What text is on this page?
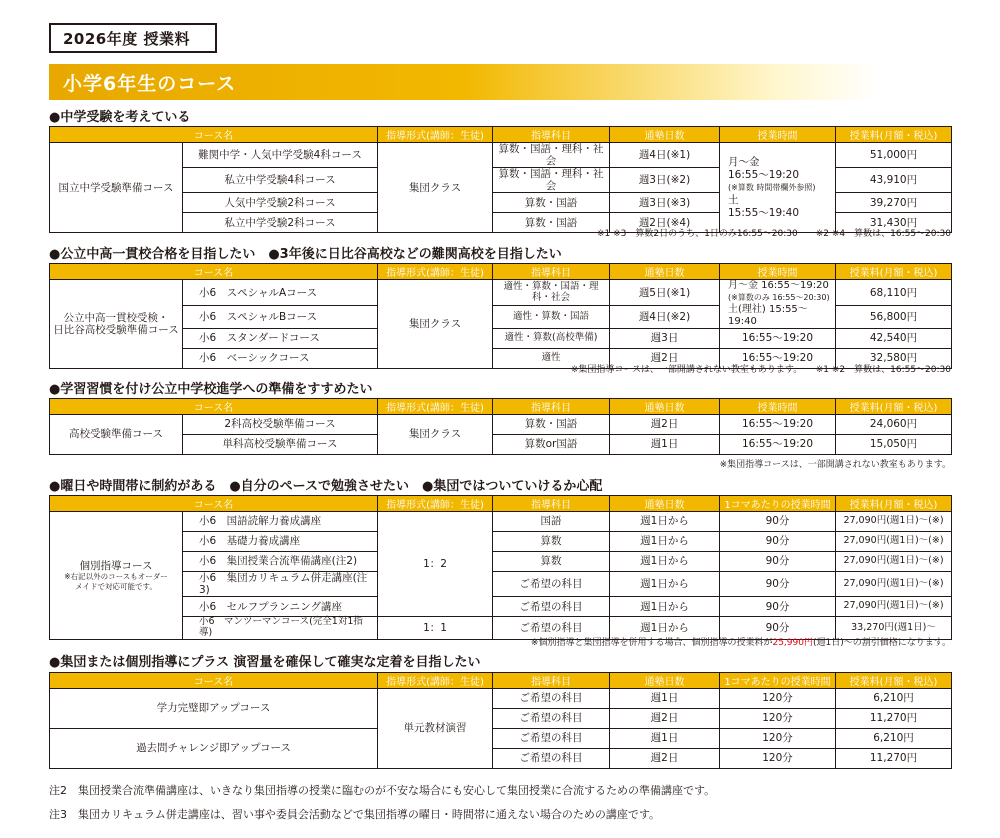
2026年度 授業料
小学6年生のコース
●中学受験を考えている
コース名		指導形式(講師：生徒)	指導科目	通塾日数	授業時間	授業料(月額・税込)
国立中学受験準備コース	難関中学・人気中学受験4科コース	集団クラス	算数・国語・理科・社会	週4日(※1)	月〜金
16:55〜19:20
(※算数 時間帯欄外参照)
土
15:55〜19:40	51,000円
	私立中学受験4科コース		算数・国語・理科・社会	週3日(※2)		43,910円
	人気中学受験2科コース		算数・国語	週3日(※3)		39,270円
	私立中学受験2科コース		算数・国語	週2日(※4)		31,430円
※1 ※3　算数2日のうち、1日のみ16:55〜20:30　　※2 ※4　算数は、16:55〜20:30
●公立中高一貫校合格を目指したい　●3年後に日比谷高校などの難関高校を目指したい
コース名		指導形式(講師：生徒)	指導科目	通塾日数	授業時間	授業料(月額・税込)
公立中高一貫校受検・
日比谷高校受験準備コース	小6　スペシャルAコース	集団クラス	適性・算数・国語・理科・社会	週5日(※1)	月〜金 16:55〜19:20
(※算数のみ 16:55〜20:30)
土(理社) 15:55〜19:40	68,110円
	小6　スペシャルBコース		適性・算数・国語	週4日(※2)		56,800円
	小6　スタンダードコース		適性・算数(高校準備)	週3日	16:55〜19:20	42,540円
	小6　ベーシックコース		適性	週2日	16:55〜19:20	32,580円
※集団指導コースは、一部開講されない教室もあります。　　※1 ※2　算数は、16:55〜20:30
●学習習慣を付け公立中学校進学への準備をすすめたい
コース名		指導形式(講師：生徒)	指導科目	通塾日数	授業時間	授業料(月額・税込)
高校受験準備コース	2科高校受験準備コース	集団クラス	算数・国語	週2日	16:55〜19:20	24,060円
	単科高校受験準備コース		算数or国語	週1日	16:55〜19:20	15,050円
※集団指導コースは、一部開講されない教室もあります。
●曜日や時間帯に制約がある　●自分のペースで勉強させたい　●集団ではついていけるか心配
コース名		指導形式(講師：生徒)	指導科目	通塾日数	1コマあたりの授業時間	授業料(月額・税込)
個別指導コース
※右記以外のコースもオーダー
メイドで対応可能です。	小6　国語読解力養成講座	1：2	国語	週1日から	90分	27,090円(週1日)〜(※)
	小6　基礎力養成講座		算数	週1日から	90分	27,090円(週1日)〜(※)
	小6　集団授業合流準備講座(注2)		算数	週1日から	90分	27,090円(週1日)〜(※)
	小6　集団カリキュラム併走講座(注3)		ご希望の科目	週1日から	90分	27,090円(週1日)〜(※)
	小6　セルフプランニング講座		ご希望の科目	週1日から	90分	27,090円(週1日)〜(※)
	小6　マンツーマンコース(完全1対1指導)	1：1	ご希望の科目	週1日から	90分	33,270円(週1日)〜
※個別指導と集団指導を併用する場合、個別指導の授業料が25,990円(週1日)〜の割引価格になります。
●集団または個別指導にプラス 演習量を確保して確実な定着を目指したい
コース名	指導形式(講師：生徒)	指導科目	通塾日数	1コマあたりの授業時間	授業料(月額・税込)
学力完璧即アップコース	単元教材演習	ご希望の科目	週1日	120分	6,210円
		ご希望の科目	週2日	120分	11,270円
過去問チャレンジ即アップコース		ご希望の科目	週1日	120分	6,210円
		ご希望の科目	週2日	120分	11,270円
注2　集団授業合流準備講座は、いきなり集団指導の授業に臨むのが不安な場合にも安心して集団授業に合流するための準備講座です。
注3　集団カリキュラム併走講座は、習い事や委員会活動などで集団指導の曜日・時間帯に通えない場合のための講座です。
